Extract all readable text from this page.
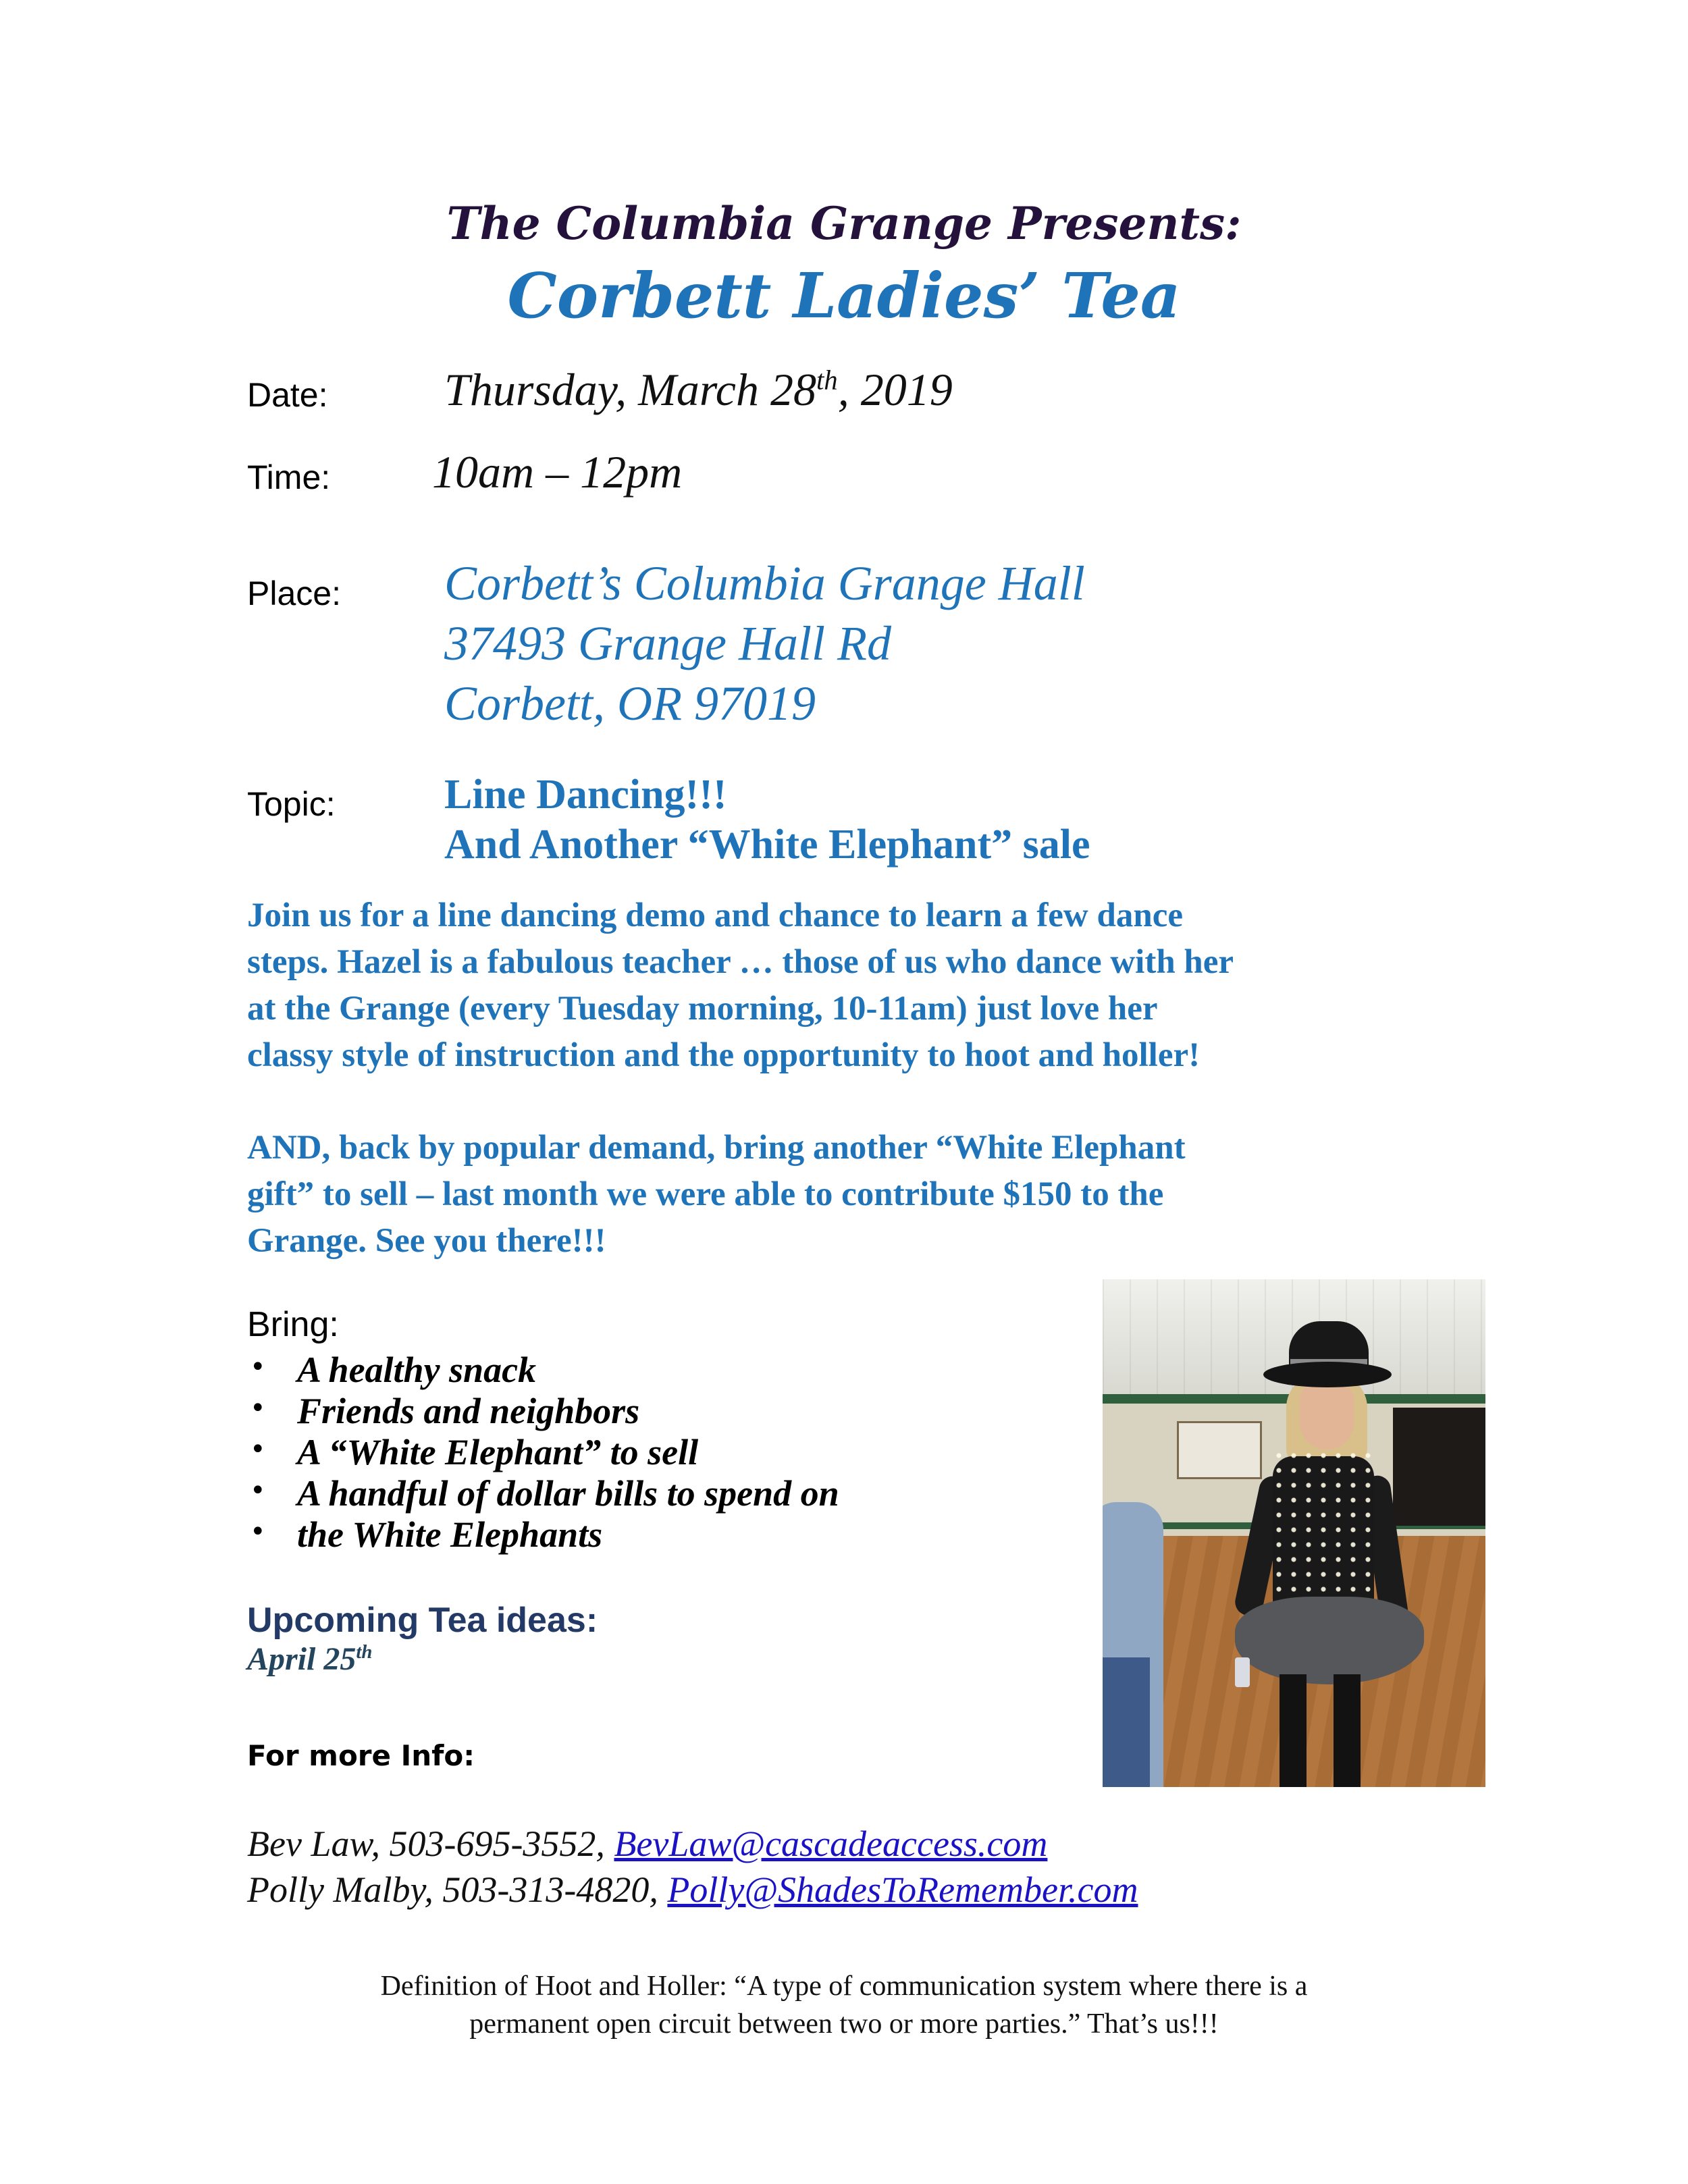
The Columbia Grange Presents:
Corbett Ladies’ Tea
Date:	Thursday, March 28th, 2019
Time: 10am – 12pm
Place: Corbett’s Columbia Grange Hall
37493 Grange Hall Rd
Corbett, OR 97019
Topic:	Line Dancing!!!
And Another “White Elephant” sale
Join us for a line dancing demo and chance to learn a few dance
steps. Hazel is a fabulous teacher … those of us who dance with her
at the Grange (every Tuesday morning, 10-11am) just love her
classy style of instruction and the opportunity to hoot and holler!
AND, back by popular demand, bring another “White Elephant
gift” to sell – last month we were able to contribute $150 to the
Grange. See you there!!!
Bring:
• A healthy snack
• Friends and neighbors
• A “White Elephant” to sell
• A handful of dollar bills to spend on
• the White Elephants
Upcoming Tea ideas:
April 25th
For more Info:
Bev Law, 503-695-3552, BevLaw@cascadeaccess.com
Polly Malby, 503-313-4820, Polly@ShadesToRemember.com
Definition of Hoot and Holler: “A type of communication system where there is a
permanent open circuit between two or more parties.” That’s us!!!
